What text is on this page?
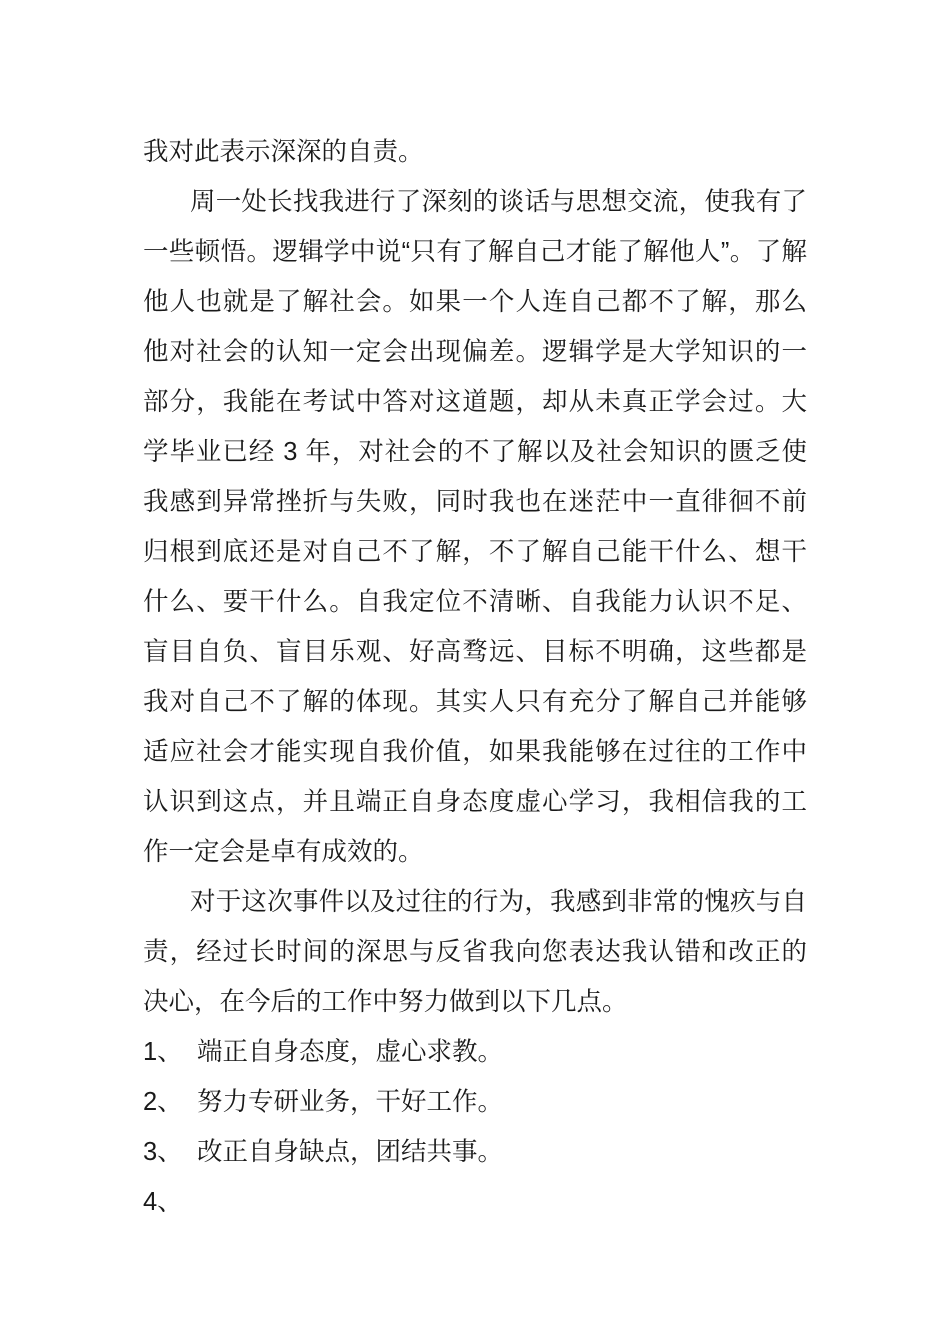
我对此表示深深的自责。
周一处长找我进行了深刻的谈话与思想交流，使我有了
一些顿悟。逻辑学中说“只有了解自己才能了解他人”。了解
他人也就是了解社会。如果一个人连自己都不了解，那么
他对社会的认知一定会出现偏差。逻辑学是大学知识的一
部分，我能在考试中答对这道题，却从未真正学会过。大
学毕业已经 3 年，对社会的不了解以及社会知识的匮乏使
我感到异常挫折与失败，同时我也在迷茫中一直徘徊不前
归根到底还是对自己不了解，不了解自己能干什么、想干
什么、要干什么。自我定位不清晰、自我能力认识不足、
盲目自负、盲目乐观、好高骛远、目标不明确，这些都是
我对自己不了解的体现。其实人只有充分了解自己并能够
适应社会才能实现自我价值，如果我能够在过往的工作中
认识到这点，并且端正自身态度虚心学习，我相信我的工
作一定会是卓有成效的。
对于这次事件以及过往的行为，我感到非常的愧疚与自
责，经过长时间的深思与反省我向您表达我认错和改正的
决心，在今后的工作中努力做到以下几点。
1、 端正自身态度，虚心求教。
2、 努力专研业务，干好工作。
3、 改正自身缺点，团结共事。
4、
